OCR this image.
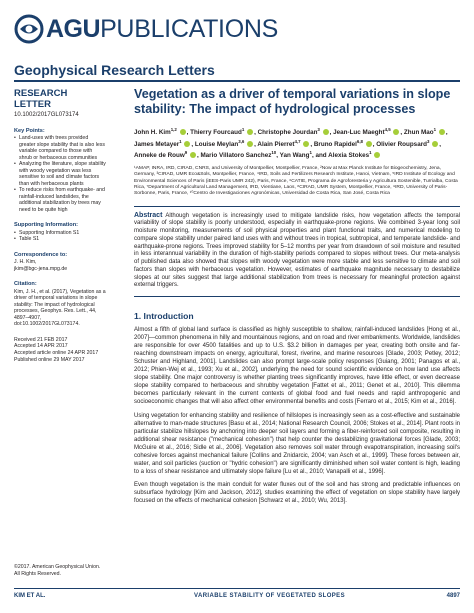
AGU PUBLICATIONS
Geophysical Research Letters
RESEARCH LETTER
10.1002/2017GL073174
Key Points:
• Land-uses with trees provided greater slope stability that is also less variable compared to those with shrub or herbaceous communities
• Analyzing the literature, slope stability with woody vegetation was less sensitive to soil and climate factors than with herbaceous plants
• To reduce risks from earthquake- and rainfall-induced landslides, the additional stabilization by trees may need to be quite high
Supporting Information:
• Supporting Information S1
• Table S1
Correspondence to:

J. H. Kim,

jkim@bgc-jena.mpg.de

Citation:

Kim, J. H., et al. (2017), Vegetation as a driver of temporal variations in slope stability: The impact of hydrological processes, Geophys. Res. Lett., 44, 4897–4907, doi:10.1002/2017GL073174.

Received 21 FEB 2017

Accepted 14 APR 2017

Accepted article online 24 APR 2017

Published online 29 MAY 2017

©2017. American Geophysical Union. All Rights Reserved.

Vegetation as a driver of temporal variations in slope stability: The impact of hydrological processes
John H. Kim$^{1,2}$ , Thierry Fourcaud$^1$ , Christophe Jourdan$^3$ , Jean-Luc Maeght$^{4,5}$ , Zhun Mao$^1$ , James Metayer$^1$ , Louise Meylan$^{3,6}$ , Alain Pierret$^{4,7}$ , Bruno Rapidel$^{6,8}$ , Olivier Roupsard$^3$ , Anneke de Rouw$^9$ , Mario Villatoro Sanchez$^{10}$, Yan Wang$^1$, and Alexia Stokes$^1$
¹AMAP, INRA, IRD, CIRAD, CNRS, and University of Montpellier, Montpellier, France, ²Now at Max Planck Institute for Biogeochemistry, Jena, Germany, ³CIRAD, UMR Eco&Sols, Montpellier, France, ⁴IRD, Soils and Fertilizers Research Institute, Hanoi, Vietnam, ⁵IRD Institute of Ecology and Environmental Sciences of Paris (iEES-Paris UMR 242), Paris, France, ⁶CATIE, Programa de Agroforesteria y Agricultura Sostenible, Turrialba, Costa Rica, ⁷Department of Agricultural Land Management, IRD, Vientiane, Laos, ⁸CIRAD, UMR System, Montpellier, France, ⁹IRD, University of Paris-Sorbonne, Paris, France, ¹⁰Centro de Investigaciones Agronómicas, Universidad de Costa Rica, San José, Costa Rica

Abstract Although vegetation is increasingly used to mitigate landslide risks, how vegetation affects the temporal variability of slope stability is poorly understood, especially in earthquake-prone regions. We combined 3-year long soil moisture monitoring, measurements of soil physical properties and plant functional traits, and numerical modeling to compare slope stability under paired land uses with and without trees in tropical, subtropical, and temperate landslide- and earthquake-prone regions. Trees improved stability for 5–12 months per year from drawdown of soil moisture and resulted in less interannual variability in the duration of high-stability periods compared to slopes without trees. Our meta-analysis of published data also showed that slopes with woody vegetation were more stable and less sensitive to climate and soil factors than slopes with herbaceous vegetation. However, estimates of earthquake magnitude necessary to destabilize slopes at our sites suggest that large additional stabilization from trees is necessary for meaningful protection against external triggers.

1. Introduction

Almost a fifth of global land surface is classified as highly susceptible to shallow, rainfall-induced landslides [Hong et al., 2007]—common phenomena in hilly and mountainous regions, and on road and river embankments. Worldwide, landslides are responsible for over 4500 fatalities and up to U.S. $3.2 billion in damages per year, creating both onsite and far-reaching downstream impacts on energy, agricultural, forest, riverine, and marine resources [Glade, 2003; Petley, 2012; Schuster and Highland, 2001]. Landslides can also prompt large-scale policy responses [Guiang, 2001; Panagos et al., 2012; Phien-Wej et al., 1993; Xu et al., 2002], underlying the need for sound scientific evidence on how land use affects slope stability. One major controversy is whether planting trees significantly improves, have little effect, or even decrease slope stability compared to herbaceous and shrubby vegetation [Fattet et al., 2011; Genet et al., 2010]. This dilemma becomes particularly relevant in the current contexts of global food and fuel needs and rapid anthropogenic and socioeconomic changes that will also affect other environmental benefits and costs [Ferraro et al., 2015; Kim et al., 2016].

Using vegetation for enhancing stability and resilience of hillslopes is increasingly seen as a cost-effective and sustainable alternative to man-made structures [Basu et al., 2014; National Research Council, 2006; Stokes et al., 2014]. Plant roots in particular stabilize hillslopes by anchoring into deeper soil layers and forming a fiber-reinforced soil composite, resulting in additional shear resistance ("mechanical cohesion") that help counter the destabilizing gravitational forces [Glade, 2003; McGuire et al., 2016; Sidle et al., 2006]. Vegetation also removes soil water through evapotranspiration, increasing soil's cohesive forces against mechanical failure [Collins and Znidarcic, 2004; van Asch et al., 1999]. These forces between air, water, and soil particles (suction or "hydric cohesion") are significantly diminished when soil water content is high, leading to a loss of shear resistance and ultimately slope failure [Lu et al., 2010; Vanapalli et al., 1996].

Even though vegetation is the main conduit for water fluxes out of the soil and has strong and predictable influences on subsurface hydrology [Kim and Jackson, 2012], studies examining the effect of vegetation on slope stability have largely focused on the effects of mechanical cohesion [Schwarz et al., 2010; Wu, 2013].

KIM ET AL.	VARIABLE STABILITY OF VEGETATED SLOPES	4897
